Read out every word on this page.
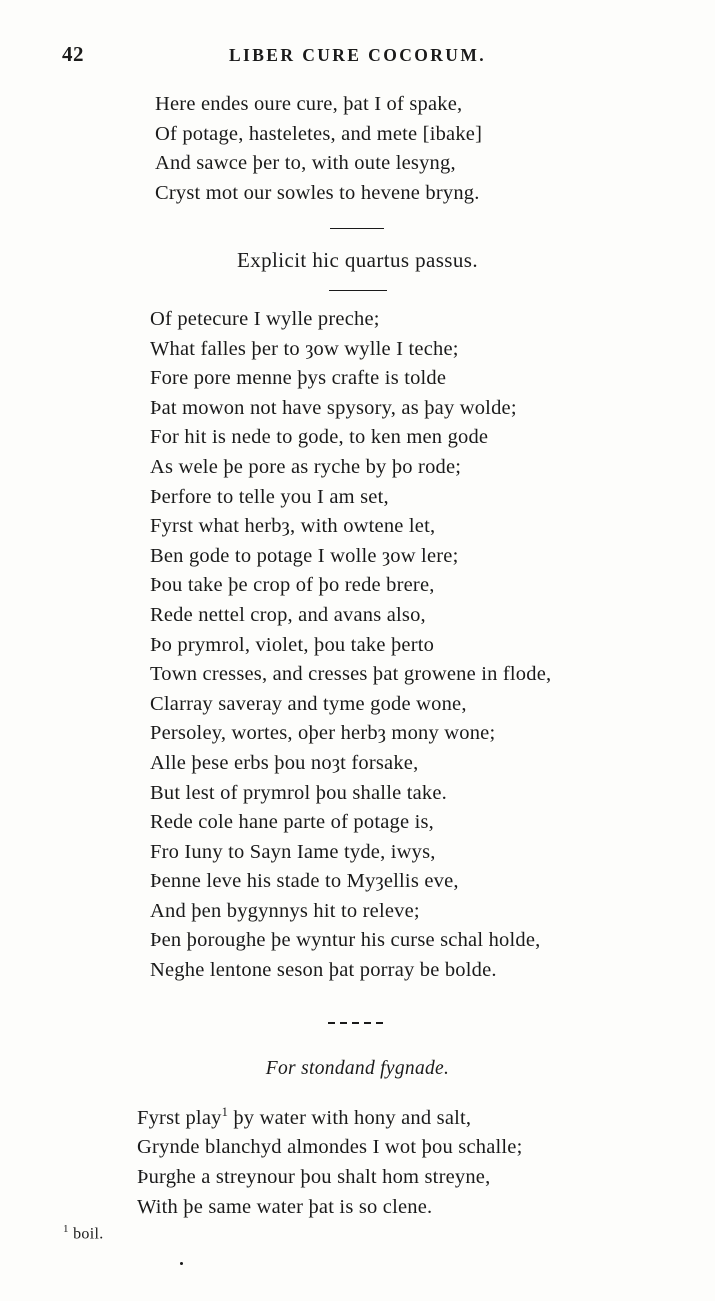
42	LIBER CURE COCORUM.
Here endes oure cure, þat I of spake,
Of potage, hasteletes, and mete [ibake]
And sawce þer to, with oute lesyng,
Cryst mot our sowles to hevene bryng.
Explicit hic quartus passus.
Of petecure I wylle preche;
What falles þer to ȝow wylle I teche;
Fore pore menne þys crafte is tolde
Þat mowon not have spysory, as þay wolde;
For hit is nede to gode, to ken men gode
As wele þe pore as ryche by þo rode;
Þerfore to telle you I am set,
Fyrst what herbȝ, with owtene let,
Ben gode to potage I wolle ȝow lere;
Þou take þe crop of þo rede brere,
Rede nettel crop, and avans also,
Þo prymrol, violet, þou take þerto
Town cresses, and cresses þat growene in flode,
Clarray saveray and tyme gode wone,
Persoley, wortes, oþer herbȝ mony wone;
Alle þese erbs þou noȝt forsake,
But lest of prymrol þou shalle take.
Rede cole hane parte of potage is,
Fro Iuny to Sayn Iame tyde, iwys,
Þenne leve his stade to Myȝellis eve,
And þen bygynnys hit to releve;
Þen þoroughe þe wyntur his curse schal holde,
Neghe lentone seson þat porray be bolde.
For stondand fygnade.
Fyrst play$^1$ þy water with hony and salt,
Grynde blanchyd almondes I wot þou schalle;
Þurghe a streynour þou shalt hom streyne,
With þe same water þat is so clene.
$^1$ boil.
